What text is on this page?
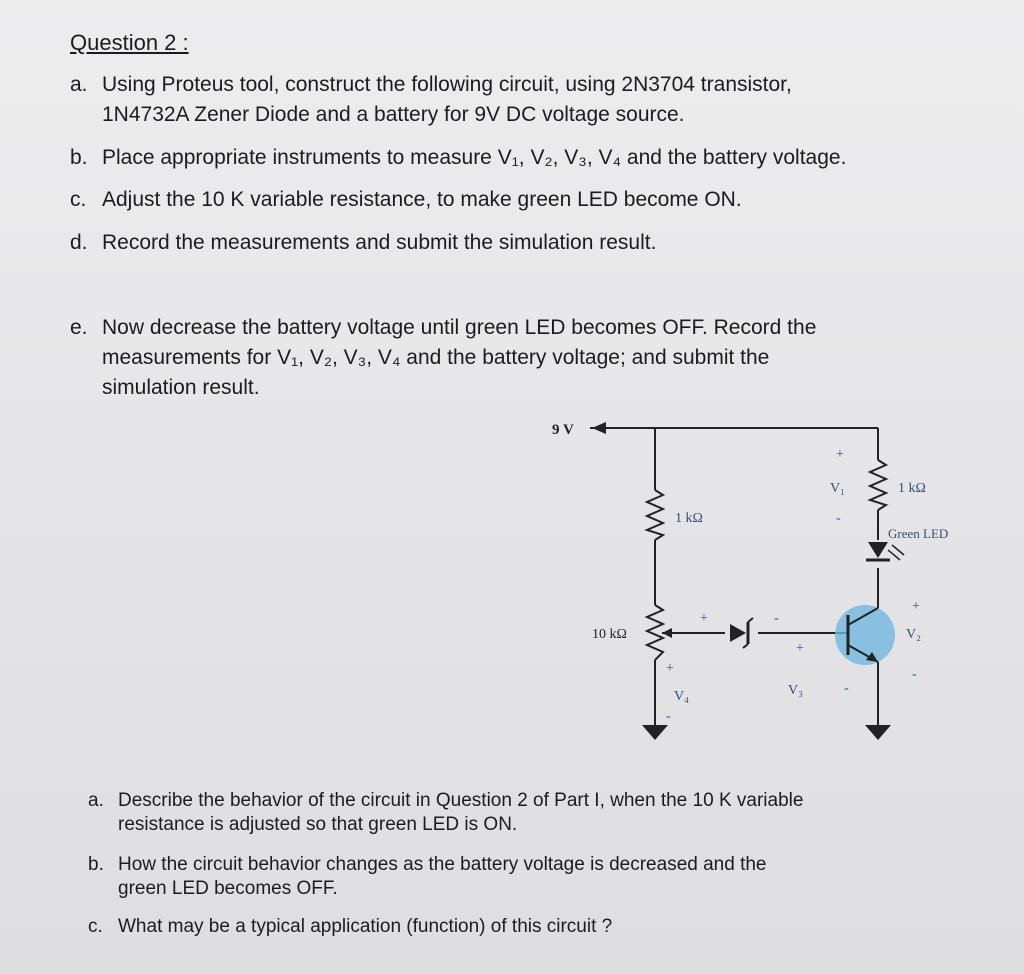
Question 2 :
a. Using Proteus tool, construct the following circuit, using 2N3704 transistor,
1N4732A Zener Diode and a battery for 9V DC voltage source.
b. Place appropriate instruments to measure V₁, V₂, V₃, V₄ and the battery voltage.
c. Adjust the 10 K variable resistance, to make green LED become ON.
d. Record the measurements and submit the simulation result.
e. Now decrease the battery voltage until green LED becomes OFF. Record the
measurements for V₁, V₂, V₃, V₄ and the battery voltage; and submit the
simulation result.
9 V
1 kΩ
10 kΩ
1 kΩ
Green LED
+
V₁
-
+
V₂
-
+
V₃	-
+	-
+
V₄
-
a. Describe the behavior of the circuit in Question 2 of Part I, when the 10 K variable
resistance is adjusted so that green LED is ON.
b. How the circuit behavior changes as the battery voltage is decreased and the
green LED becomes OFF.
c. What may be a typical application (function) of this circuit ?
